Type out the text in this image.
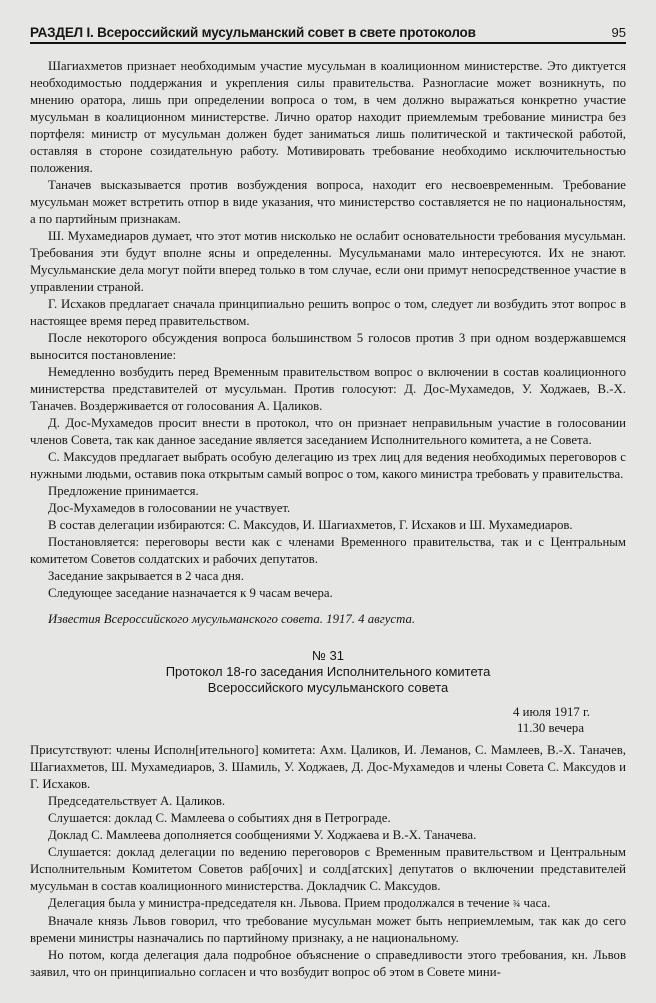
РАЗДЕЛ I. Всероссийский мусульманский совет в свете протоколов	95

Шагиахметов признает необходимым участие мусульман в коалиционном министерстве. Это диктуется необходимостью поддержания и укрепления силы правительства. Разногласие может возникнуть, по мнению оратора, лишь при определении вопроса о том, в чем должно выражаться конкретно участие мусульман в коалиционном министерстве. Лично оратор находит приемлемым требование министра без портфеля: министр от мусульман должен будет заниматься лишь политической и тактической работой, оставляя в стороне созидательную работу. Мотивировать требование необходимо исключительностью положения.

Таначев высказывается против возбуждения вопроса, находит его несвоевременным. Требование мусульман может встретить отпор в виде указания, что министерство составляется не по национальностям, а по партийным признакам.

Ш. Мухамедиаров думает, что этот мотив нисколько не ослабит основательности требования мусульман. Требования эти будут вполне ясны и определенны. Мусульманами мало интересуются. Их не знают. Мусульманские дела могут пойти вперед только в том случае, если они примут непосредственное участие в управлении страной.

Г. Исхаков предлагает сначала принципиально решить вопрос о том, следует ли возбудить этот вопрос в настоящее время перед правительством.

После некоторого обсуждения вопроса большинством 5 голосов против 3 при одном воздержавшемся выносится постановление:

Немедленно возбудить перед Временным правительством вопрос о включении в состав коалиционного министерства представителей от мусульман. Против голосуют: Д. Дос-Мухамедов, У. Ходжаев, В.-Х. Таначев. Воздерживается от голосования А. Цаликов.

Д. Дос-Мухамедов просит внести в протокол, что он признает неправильным участие в голосовании членов Совета, так как данное заседание является заседанием Исполнительного комитета, а не Совета.

С. Максудов предлагает выбрать особую делегацию из трех лиц для ведения необходимых переговоров с нужными людьми, оставив пока открытым самый вопрос о том, какого министра требовать у правительства.

Предложение принимается.

Дос-Мухамедов в голосовании не участвует.

В состав делегации избираются: С. Максудов, И. Шагиахметов, Г. Исхаков и Ш. Мухамедиаров.

Постановляется: переговоры вести как с членами Временного правительства, так и с Центральным комитетом Советов солдатских и рабочих депутатов.

Заседание закрывается в 2 часа дня.

Следующее заседание назначается к 9 часам вечера.

Известия Всероссийского мусульманского совета. 1917. 4 августа.

№ 31
Протокол 18-го заседания Исполнительного комитета
Всероссийского мусульманского совета
4 июля 1917 г.
11.30 вечера

Присутствуют: члены Исполн[ительного] комитета: Ахм. Цаликов, И. Леманов, С. Мамлеев, В.-Х. Таначев, Шагиахметов, Ш. Мухамедиаров, З. Шамиль, У. Ходжаев, Д. Дос-Мухамедов и члены Совета С. Максудов и Г. Исхаков.

Председательствует А. Цаликов.

Слушается: доклад С. Мамлеева о событиях дня в Петрограде.

Доклад С. Мамлеева дополняется сообщениями У. Ходжаева и В.-Х. Таначева.

Слушается: доклад делегации по ведению переговоров с Временным правительством и Центральным Исполнительным Комитетом Советов раб[очих] и солд[атских] депутатов о включении представителей мусульман в состав коалиционного министерства. Докладчик С. Максудов.

Делегация была у министра-председателя кн. Львова. Прием продолжался в течение ¾ часа.

Вначале князь Львов говорил, что требование мусульман может быть неприемлемым, так как до сего времени министры назначались по партийному признаку, а не национальному.

Но потом, когда делегация дала подробное объяснение о справедливости этого требования, кн. Львов заявил, что он принципиально согласен и что возбудит вопрос об этом в Совете мини-
